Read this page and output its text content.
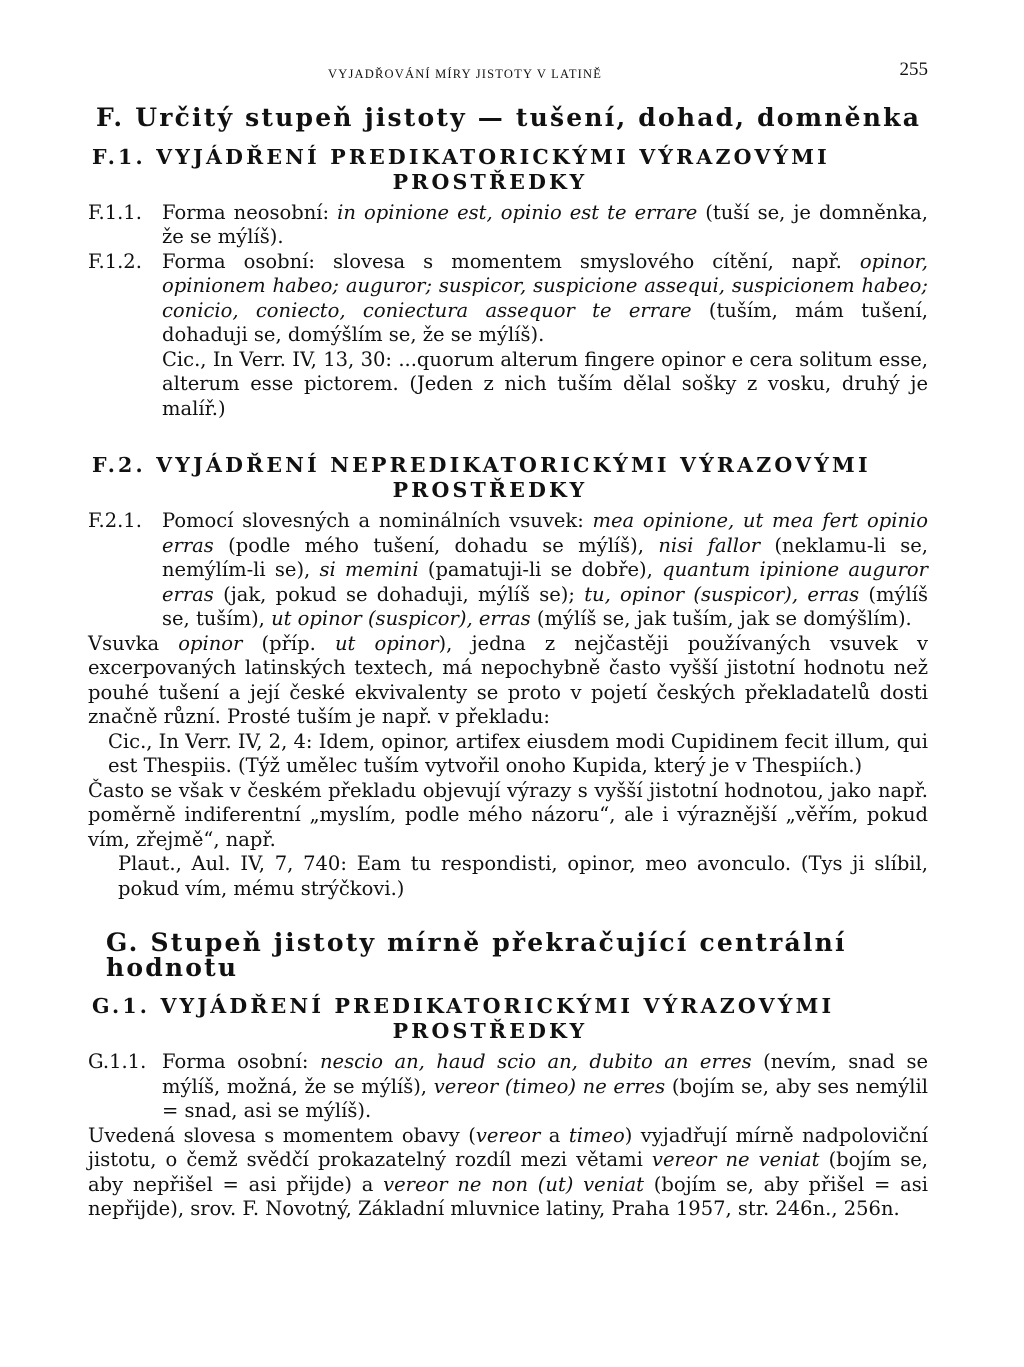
VYJADŘOVÁNÍ MÍRY JISTOTY V LATINĚ	255
F. Určitý stupeň jistoty — tušení, dohad, domněnka
F.1. VYJÁDŘENÍ PREDIKATORICKÝMI VÝRAZOVÝMI
PROSTŘEDKY
F.1.1.	Forma neosobní: in opinione est, opinio est te errare (tuší se, je domněnka, že se mýlíš).
F.1.2.	Forma osobní: slovesa s momentem smyslového cítění, např. opinor, opinionem habeo; auguror; suspicor, suspicione assequi, suspicionem habeo; conicio, coniecto, coniectura assequor te errare (tuším, mám tušení, dohaduji se, domýšlím se, že se mýlíš).
Cic., In Verr. IV, 13, 30: ...quorum alterum fingere opinor e cera solitum esse, alterum esse pictorem. (Jeden z nich tuším dělal sošky z vosku, druhý je malíř.)
F.2. VYJÁDŘENÍ NEPREDIKATORICKÝMI VÝRAZOVÝMI
PROSTŘEDKY
F.2.1.	Pomocí slovesných a nominálních vsuvek: mea opinione, ut mea fert opinio erras (podle mého tušení, dohadu se mýlíš), nisi fallor (neklamu-li se, nemýlím-li se), si memini (pamatuji-li se dobře), quantum ipinione auguror erras (jak, pokud se dohaduji, mýlíš se); tu, opinor (suspicor), erras (mýlíš se, tuším), ut opinor (suspicor), erras (mýlíš se, jak tuším, jak se domýšlím).
Vsuvka opinor (příp. ut opinor), jedna z nejčastěji používaných vsuvek v excerpovaných latinských textech, má nepochybně často vyšší jistotní hodnotu než pouhé tušení a její české ekvivalenty se proto v pojetí českých překladatelů dosti značně různí. Prosté tuším je např. v překladu:
Cic., In Verr. IV, 2, 4: Idem, opinor, artifex eiusdem modi Cupidinem fecit illum, qui est Thespiis. (Týž umělec tuším vytvořil onoho Kupida, který je v Thespiích.)
Často se však v českém překladu objevují výrazy s vyšší jistotní hodnotou, jako např. poměrně indiferentní „myslím, podle mého názoru“, ale i výraznější „věřím, pokud vím, zřejmě“, např.
Plaut., Aul. IV, 7, 740: Eam tu respondisti, opinor, meo avonculo. (Tys ji slíbil, pokud vím, mému strýčkovi.)
G. Stupeň jistoty mírně překračující centrální hodnotu
G.1. VYJÁDŘENÍ PREDIKATORICKÝMI VÝRAZOVÝMI
PROSTŘEDKY
G.1.1. Forma osobní: nescio an, haud scio an, dubito an erres (nevím, snad se mýlíš, možná, že se mýlíš), vereor (timeo) ne erres (bojím se, aby ses nemýlil = snad, asi se mýlíš).
Uvedená slovesa s momentem obavy (vereor a timeo) vyjadřují mírně nadpoloviční jistotu, o čemž svědčí prokazatelný rozdíl mezi větami vereor ne veniat (bojím se, aby nepřišel = asi přijde) a vereor ne non (ut) veniat (bojím se, aby přišel = asi nepřijde), srov. F. Novotný, Základní mluvnice latiny, Praha 1957, str. 246n., 256n.
